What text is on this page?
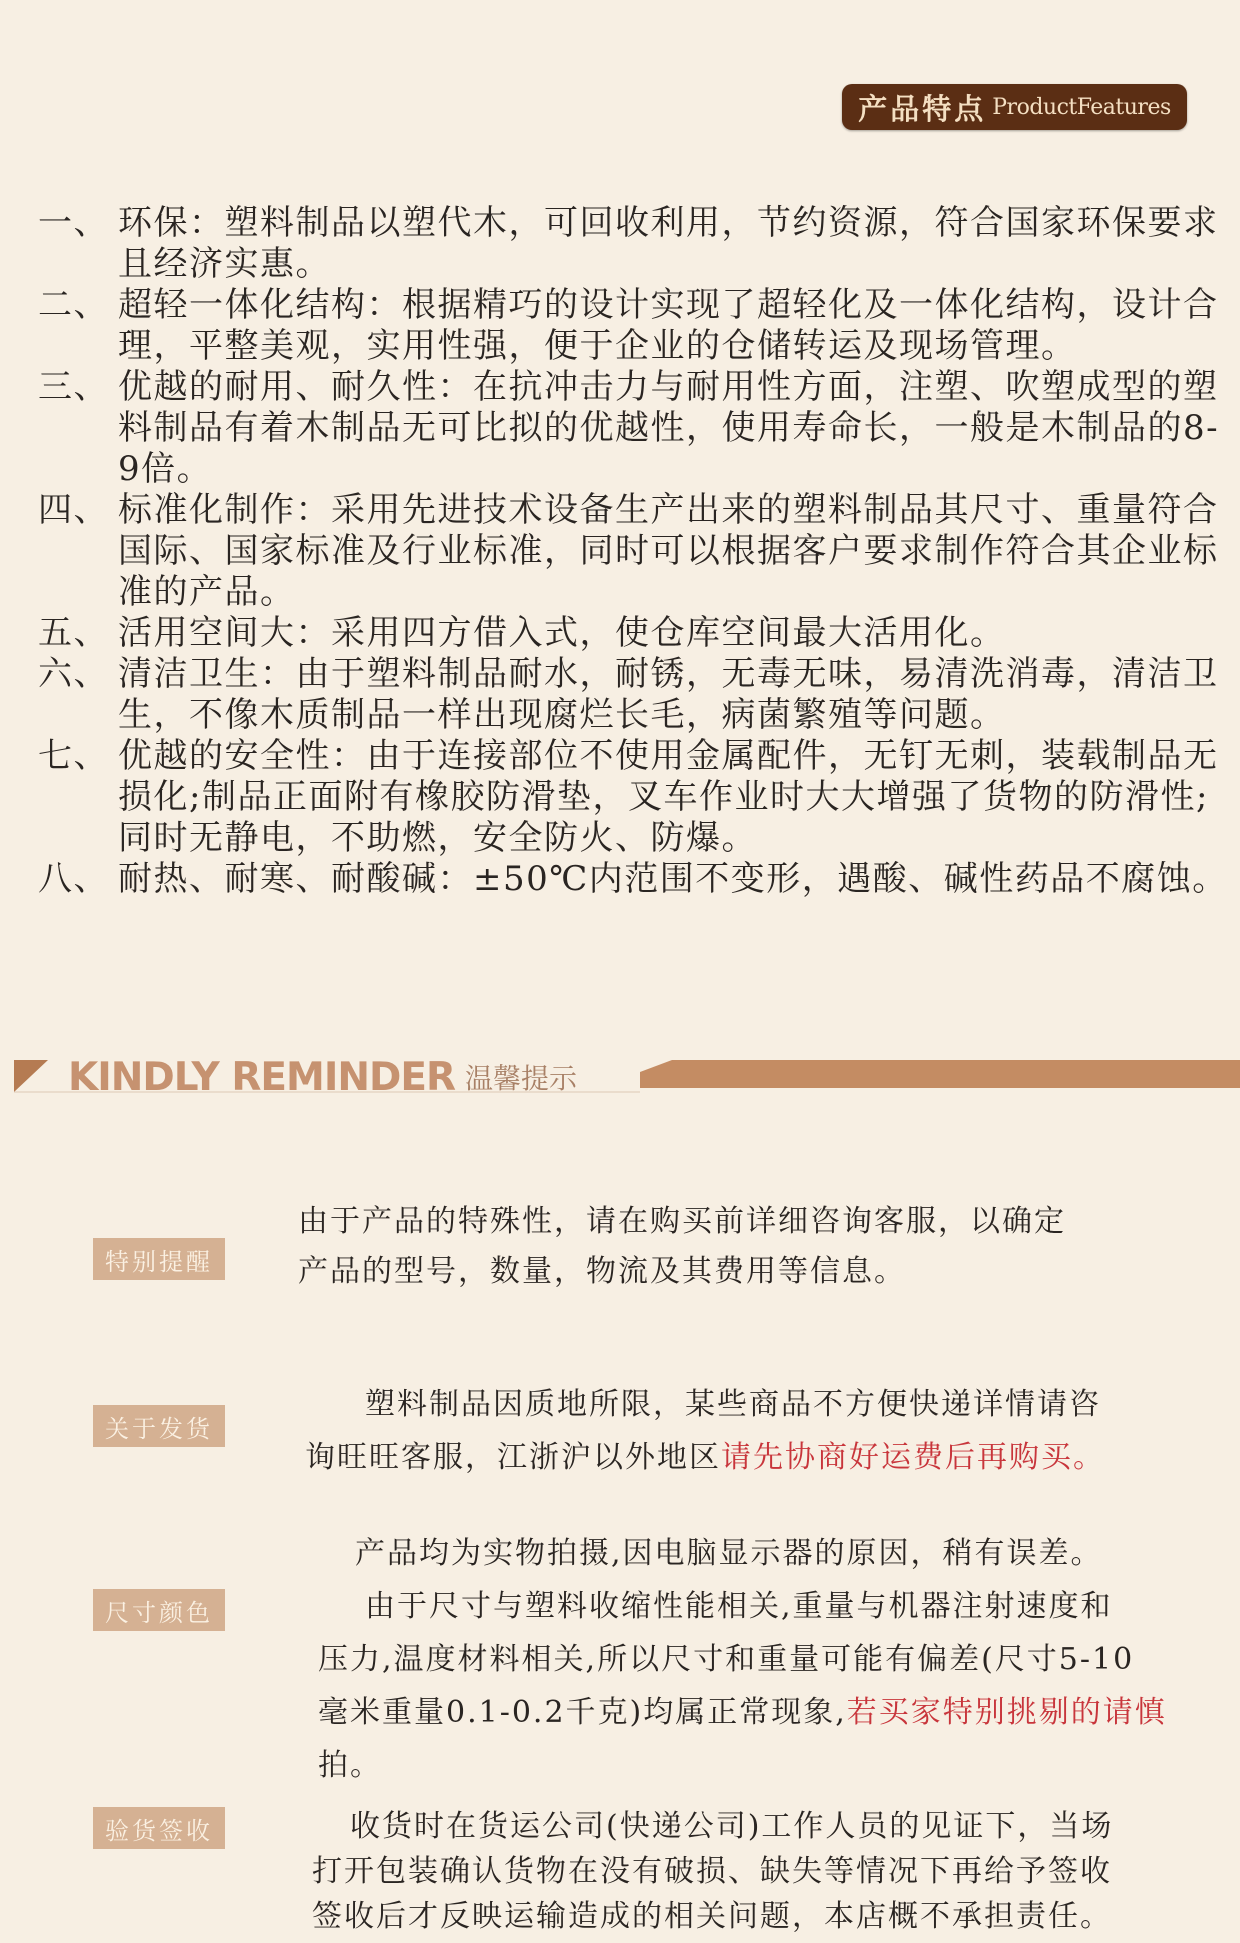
产品特点 ProductFeatures
一、 环保：塑料制品以塑代木，可回收利用，节约资源，符合国家环保要求且经济实惠。
二、 超轻一体化结构：根据精巧的设计实现了超轻化及一体化结构，设计合理，平整美观，实用性强，便于企业的仓储转运及现场管理。
三、 优越的耐用、耐久性：在抗冲击力与耐用性方面，注塑、吹塑成型的塑料制品有着木制品无可比拟的优越性，使用寿命长，一般是木制品的8-9倍。
四、 标准化制作：采用先进技术设备生产出来的塑料制品其尺寸、重量符合国际、国家标准及行业标准，同时可以根据客户要求制作符合其企业标准的产品。
五、 活用空间大：采用四方借入式，使仓库空间最大活用化。
六、 清洁卫生：由于塑料制品耐水，耐锈，无毒无味，易清洗消毒，清洁卫生，不像木质制品一样出现腐烂长毛，病菌繁殖等问题。
七、 优越的安全性：由于连接部位不使用金属配件，无钉无刺，装载制品无损化;制品正面附有橡胶防滑垫，叉车作业时大大增强了货物的防滑性;同时无静电，不助燃，安全防火、防爆。
八、 耐热、耐寒、耐酸碱：±50℃内范围不变形，遇酸、碱性药品不腐蚀。
KINDLY REMINDER 温馨提示
特别提醒
由于产品的特殊性，请在购买前详细咨询客服，以确定
产品的型号，数量，物流及其费用等信息。
关于发货
塑料制品因质地所限，某些商品不方便快递详情请咨
询旺旺客服，江浙沪以外地区请先协商好运费后再购买。
尺寸颜色
产品均为实物拍摄,因电脑显示器的原因，稍有误差。
由于尺寸与塑料收缩性能相关,重量与机器注射速度和
压力,温度材料相关,所以尺寸和重量可能有偏差(尺寸5-10
毫米重量0.1-0.2千克)均属正常现象,若买家特别挑剔的请慎
拍。
验货签收	收货时在货运公司(快递公司)工作人员的见证下，当场
打开包装确认货物在没有破损、缺失等情况下再给予签收
签收后才反映运输造成的相关问题，本店概不承担责任。
